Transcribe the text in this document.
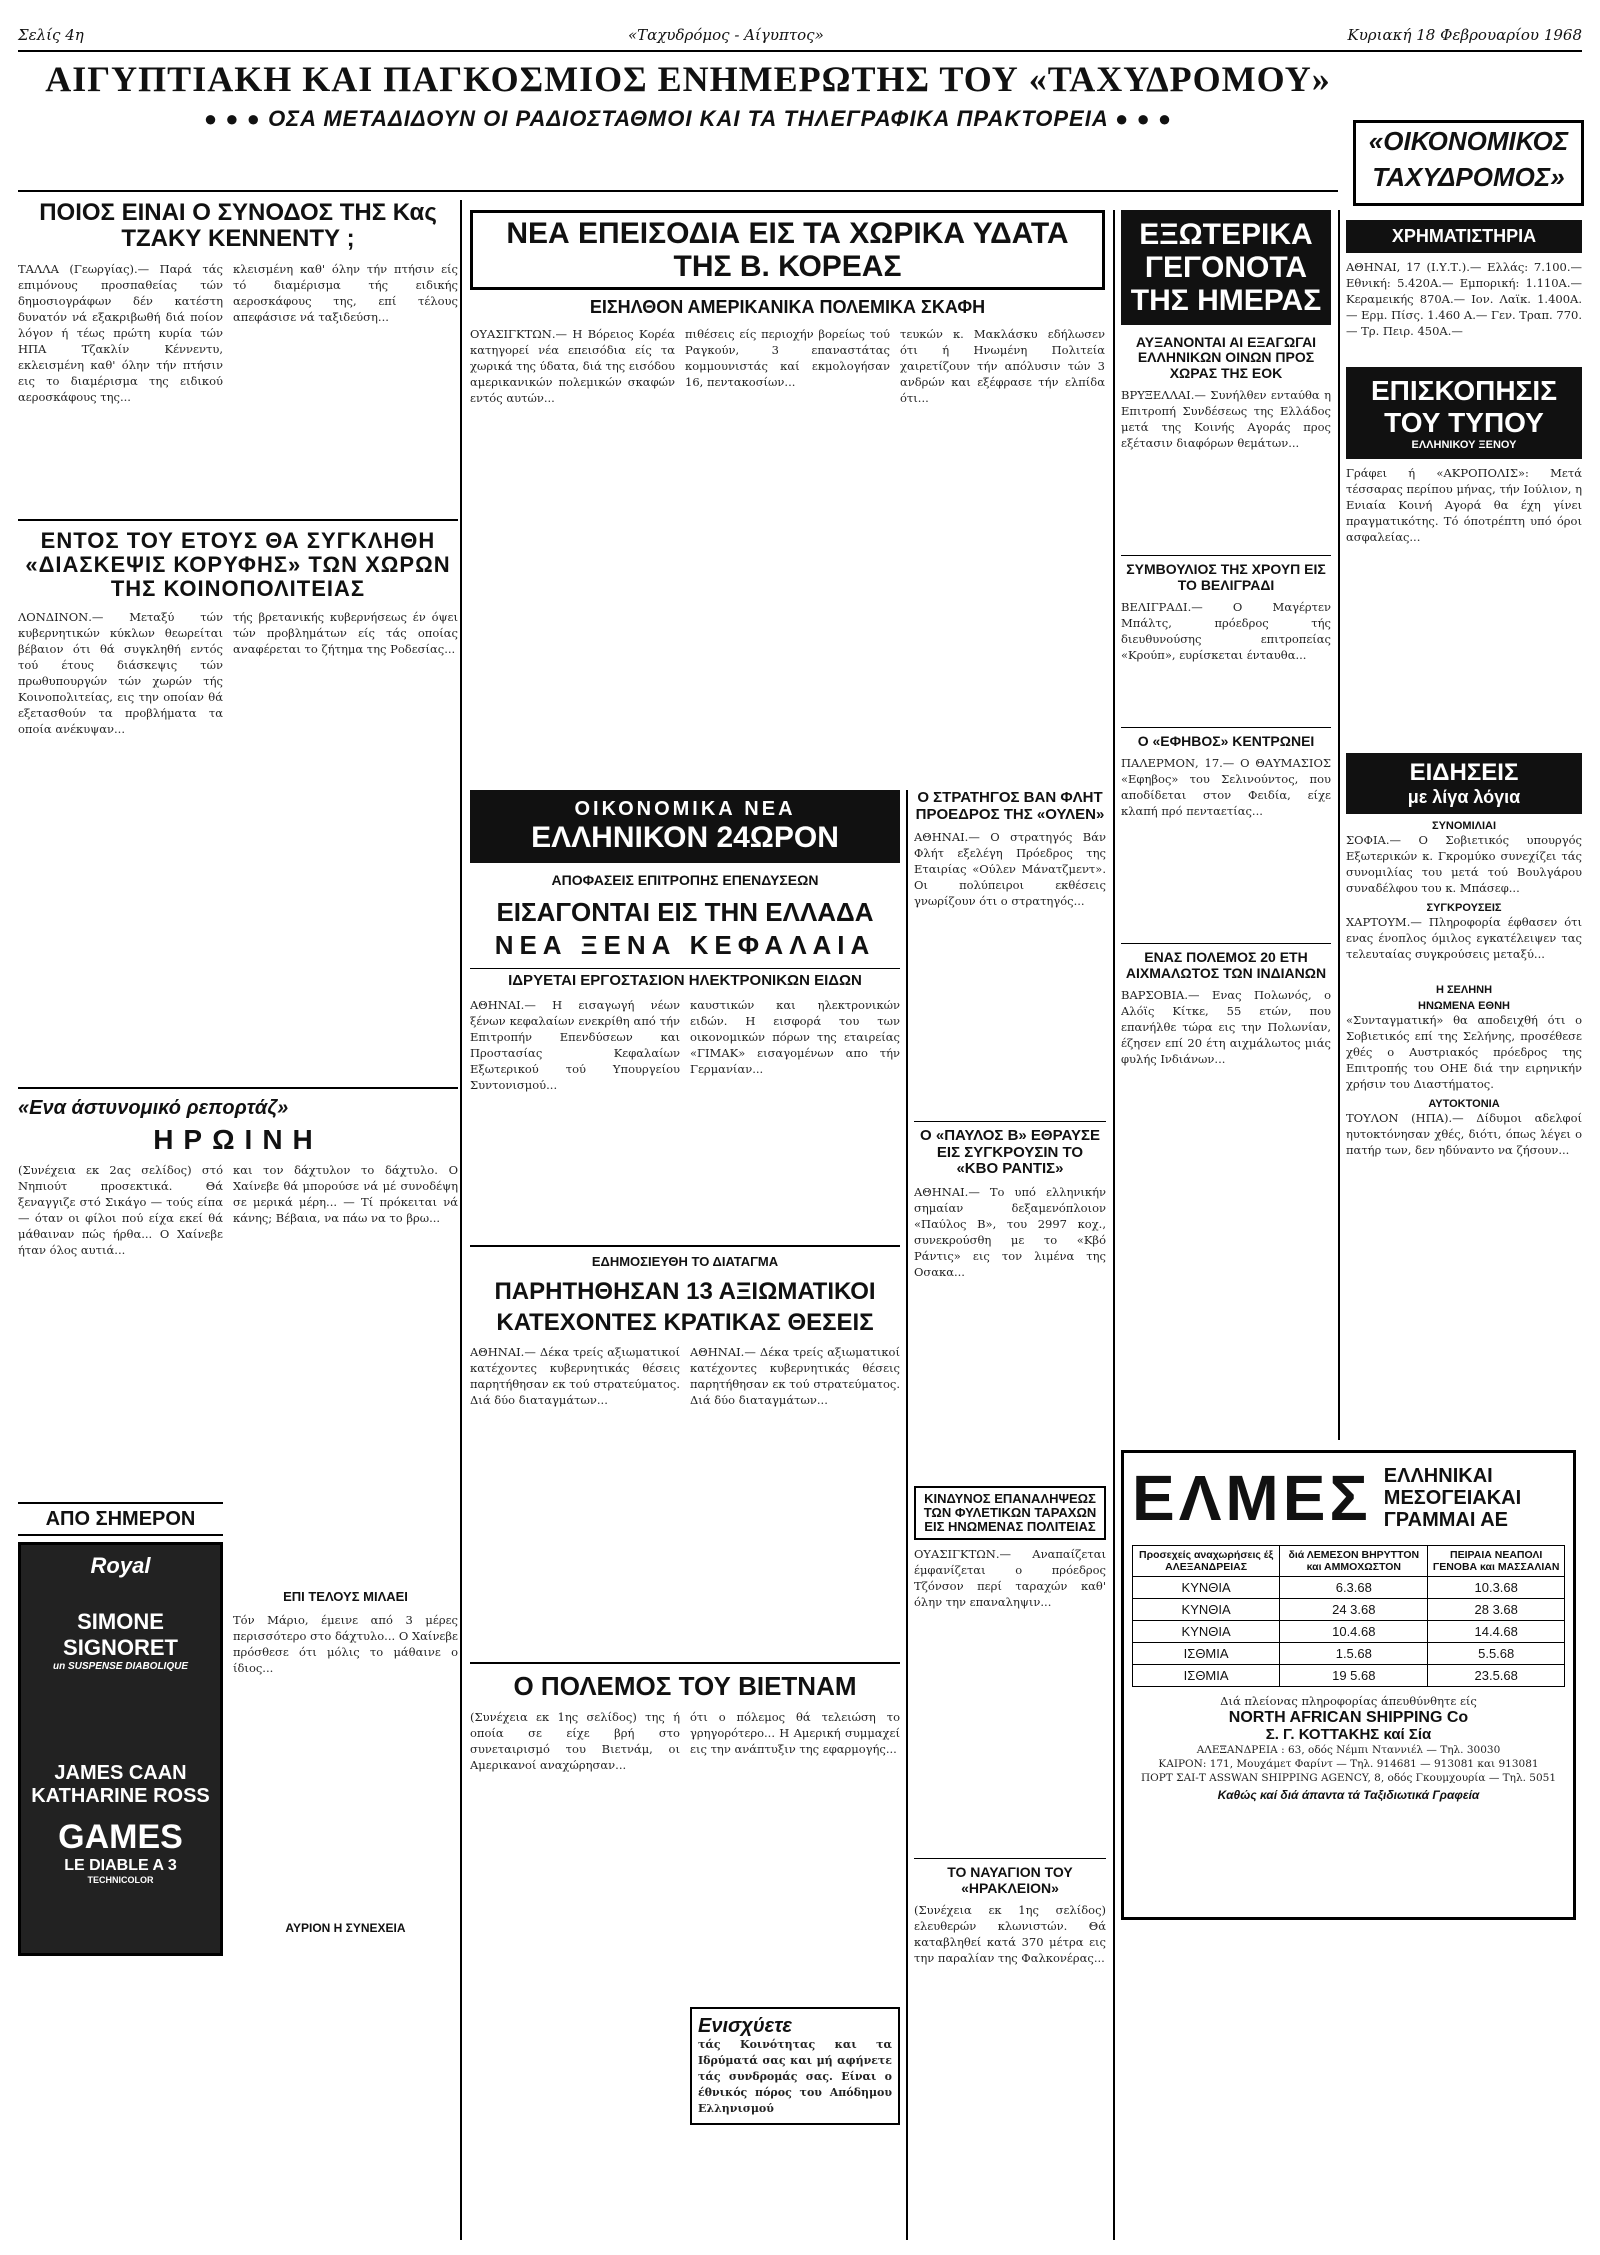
Σελίς 4η	«Ταχυδρόμος - Αίγυπτος»	Κυριακή 18 Φεβρουαρίου 1968
ΑΙΓΥΠΤΙΑΚΗ ΚΑΙ ΠΑΓΚΟΣΜΙΟΣ ΕΝΗΜΕΡΩΤΗΣ ΤΟΥ «ΤΑΧΥΔΡΟΜΟΥ»
● ● ● ΟΣΑ ΜΕΤΑΔΙΔΟΥΝ ΟΙ ΡΑΔΙΟΣΤΑΘΜΟΙ ΚΑΙ ΤΑ ΤΗΛΕΓΡΑΦΙΚΑ ΠΡΑΚΤΟΡΕΙΑ ● ● ●
«ΟΙΚΟΝΟΜΙΚΟΣ ΤΑΧΥΔΡΟΜΟΣ»
ΠΟΙΟΣ ΕΙΝΑΙ Ο ΣΥΝΟΔΟΣ ΤΗΣ Κας ΤΖΑΚΥ ΚΕΝΝΕΝΤΥ ;
ΤΑΛΛΑ (Γεωργίας).— Παρά τάς επιμόνους προσπαθείας τών δημοσιογράφων δέν κατέστη δυνατόν νά εξακριβωθή διά ποίον λόγον ή τέως πρώτη κυρία τών ΗΠΑ Τζακλίν Κέννεντυ, εκλεισμένη καθ' όλην τήν πτήσιν εις το διαμέρισμα της ειδικού αεροσκάφους της...
κλεισμένη καθ' όλην τήν πτήσιν είς τό διαμέρισμα τής ειδικής αεροσκάφους της, επί τέλους απεφάσισε νά ταξιδεύση...
ΕΝΤΟΣ ΤΟΥ ΕΤΟΥΣ ΘΑ ΣΥΓΚΛΗΘΗ «ΔΙΑΣΚΕΨΙΣ ΚΟΡΥΦΗΣ» ΤΩΝ ΧΩΡΩΝ ΤΗΣ ΚΟΙΝΟΠΟΛΙΤΕΙΑΣ
ΛΟΝΔΙΝΟΝ.— Μεταξύ τών κυβερνητικών κύκλων θεωρείται βέβαιον ότι θά συγκληθή εντός τού έτους διάσκεψις τών πρωθυπουργών τών χωρών τής Κοινοπολιτείας, εις την οποίαν θά εξετασθούν τα προβλήματα τα οποία ανέκυψαν...
τής βρετανικής κυβερνήσεως έν όψει τών προβλημάτων είς τάς οποίας αναφέρεται το ζήτημα της Ροδεσίας...
«Ενα άστυνομικό ρεπορτάζ»
ΗΡΩΙΝΗ
(Συνέχεια εκ 2ας σελίδος) στό Νηπιούτ προσεκτικά. Θά ξεναγγιζε στό Σικάγο — τούς είπα — όταν οι φίλοι πού είχα εκεί θά μάθαιναν πώς ήρθα... Ο Χαίνεβε ήταν όλος αυτιά...
ΑΠΟ ΣΗΜΕΡΟΝ
Royal
SIMONE SIGNORET
un SUSPENSE DIABOLIQUE
JAMES CAAN
KATHARINE ROSS
GAMES
LE DIABLE A 3
TECHNICOLOR
και τον δάχτυλον το δάχτυλο. Ο Χαίνεβε θά μπορούσε νά μέ συνοδέψη σε μερικά μέρη... — Τί πρόκειται νά κάνης; Βέβαια, να πάω να το βρω...
ΕΠΙ ΤΕΛΟΥΣ ΜΙΛΑΕΙ
Τόν Μάριο, έμεινε από 3 μέρες περισσότερο στο δάχτυλο... Ο Χαίνεβε πρόσθεσε ότι μόλις το μάθαινε ο ίδιος...
ΑΥΡΙΟΝ Η ΣΥΝΕΧΕΙΑ
ΝΕΑ ΕΠΕΙΣΟΔΙΑ ΕΙΣ ΤΑ ΧΩΡΙΚΑ ΥΔΑΤΑ ΤΗΣ Β. ΚΟΡΕΑΣ
ΕΙΣΗΛΘΟΝ ΑΜΕΡΙΚΑΝΙΚΑ ΠΟΛΕΜΙΚΑ ΣΚΑΦΗ
ΟΥΑΣΙΓΚΤΩΝ.— Η Βόρειος Κορέα κατηγορεί νέα επεισόδια είς τα χωρικά της ύδατα, διά της εισόδου αμερικανικών πολεμικών σκαφών εντός αυτών...
πιθέσεις είς περιοχήν βορείως τού Ραγκούν, 3 επαναστάτας κομμουνιστάς καί εκμολογήσαν 16, πεντακοσίων...
τευκών κ. Μακλάσκυ εδήλωσεν ότι ή Ηνωμένη Πολιτεία χαιρετίζουν τήν απόλυσιν τών 3 ανδρών και εξέφρασε τήν ελπίδα ότι...
ΟΙΚΟΝΟΜΙΚΑ ΝΕΑ
ΕΛΛΗΝΙΚΟΝ 24ΩΡΟΝ
ΑΠΟΦΑΣΕΙΣ ΕΠΙΤΡΟΠΗΣ ΕΠΕΝΔΥΣΕΩΝ
ΕΙΣΑΓΟΝΤΑΙ ΕΙΣ ΤΗΝ ΕΛΛΑΔΑ
ΝΕΑ ΞΕΝΑ ΚΕΦΑΛΑΙΑ
ΙΔΡΥΕΤΑΙ ΕΡΓΟΣΤΑΣΙΟΝ ΗΛΕΚΤΡΟΝΙΚΩΝ ΕΙΔΩΝ
ΑΘΗΝΑΙ.— Η εισαγωγή νέων ξένων κεφαλαίων ενεκρίθη από τήν Επιτροπήν Επενδύσεων και Προστασίας Κεφαλαίων Εξωτερικού τού Υπουργείου Συντονισμού...
καυστικών και ηλεκτρονικών ειδών. Η εισφορά του των οικονομικών πόρων της εταιρείας «ΓΙΜΑΚ» εισαγομένων απο τήν Γερμανίαν...
ΕΔΗΜΟΣΙΕΥΘΗ ΤΟ ΔΙΑΤΑΓΜΑ
ΠΑΡΗΤΗΘΗΣΑΝ 13 ΑΞΙΩΜΑΤΙΚΟΙ
ΚΑΤΕΧΟΝΤΕΣ ΚΡΑΤΙΚΑΣ ΘΕΣΕΙΣ
ΑΘΗΝΑΙ.— Δέκα τρείς αξιωματικοί κατέχοντες κυβερνητικάς θέσεις παρητήθησαν εκ τού στρατεύματος. Διά δύο διαταγμάτων...
ΑΘΗΝΑΙ.— Δέκα τρείς αξιωματικοί κατέχοντες κυβερνητικάς θέσεις παρητήθησαν εκ τού στρατεύματος. Διά δύο διαταγμάτων...
Ο ΠΟΛΕΜΟΣ ΤΟΥ ΒΙΕΤΝΑΜ
(Συνέχεια εκ 1ης σελίδος) της ή οποία σε είχε βρή στο συνεταιρισμό του Βιετνάμ, οι Αμερικανοί αναχώρησαν...
ότι ο πόλεμος θά τελειώση το γρηγορότερο... Η Αμερική συμμαχεί εις την ανάπτυξιν της εφαρμογής...
Ενισχύετε
τάς Κοινότητας και τα Ιδρύματά σας και μή αφήνετε τάς συνδρομάς σας. Είναι ο έθνικός πόρος του Απόδημου Ελληνισμού
Ο ΣΤΡΑΤΗΓΟΣ ΒΑΝ ΦΛΗΤ ΠΡΟΕΔΡΟΣ ΤΗΣ «ΟΥΛΕΝ»
ΑΘΗΝΑΙ.— Ο στρατηγός Βάν Φλήτ εξελέγη Πρόεδρος της Εταιρίας «Ούλεν Μάνατζμεντ». Οι πολύπειροι εκθέσεις γνωρίζουν ότι ο στρατηγός...
Ο «ΠΑΥΛΟΣ Β» ΕΘΡΑΥΣΕ ΕΙΣ ΣΥΓΚΡΟΥΣΙΝ ΤΟ «ΚΒΟ ΡΑΝΤΙΣ»
ΑΘΗΝΑΙ.— Το υπό ελληνικήν σημαίαν δεξαμενόπλοιον «Παύλος Β», του 2997 κοχ., συνεκρούσθη με το «Κβό Ράντις» εις τον λιμένα της Οσακα...
ΚΙΝΔΥΝΟΣ ΕΠΑΝΑΛΗΨΕΩΣ ΤΩΝ ΦΥΛΕΤΙΚΩΝ ΤΑΡΑΧΩΝ ΕΙΣ ΗΝΩΜΕΝΑΣ ΠΟΛΙΤΕΙΑΣ
ΟΥΑΣΙΓΚΤΩΝ.— Αναπαίζεται έμφανίζεται ο πρόεδρος Τζόνσον περί ταραχών καθ' όλην την επαναληψιν...
ΤΟ ΝΑΥΑΓΙΟΝ ΤΟΥ «ΗΡΑΚΛΕΙΟΝ»
(Συνέχεια εκ 1ης σελίδος) ελευθερών κλωνιστών. Θά καταβληθεί κατά 370 μέτρα εις την παραλίαν της Φαλκονέρας...
ΕΞΩΤΕΡΙΚΑ ΓΕΓΟΝΟΤΑ ΤΗΣ ΗΜΕΡΑΣ
ΑΥΞΑΝΟΝΤΑΙ ΑΙ ΕΞΑΓΩΓΑΙ ΕΛΛΗΝΙΚΩΝ ΟΙΝΩΝ ΠΡΟΣ ΧΩΡΑΣ ΤΗΣ ΕΟΚ
ΒΡΥΞΕΛΛΑΙ.— Συνήλθεν ενταύθα η Επιτροπή Συνδέσεως της Ελλάδος μετά της Κοινής Αγοράς προς εξέτασιν διαφόρων θεμάτων...
ΣΥΜΒΟΥΛΙΟΣ ΤΗΣ ΧΡΟΥΠ ΕΙΣ ΤΟ ΒΕΛΙΓΡΑΔΙ
ΒΕΛΙΓΡΑΔΙ.— Ο Μαγέρτεν Μπάλτς, πρόεδρος τής διευθυνούσης επιτροπείας «Κρούπ», ευρίσκεται ένταυθα...
Ο «ΕΦΗΒΟΣ» ΚΕΝΤΡΩΝΕΙ
ΠΑΛΕΡΜΟΝ, 17.— Ο ΘΑΥΜΑΣΙΟΣ «Εφηβος» του Σελινούντος, που αποδίδεται στον Φειδία, είχε κλαπή πρό πενταετίας...
ΕΝΑΣ ΠΟΛΕΜΟΣ 20 ΕΤΗ ΑΙΧΜΑΛΩΤΟΣ ΤΩΝ ΙΝΔΙΑΝΩΝ
ΒΑΡΣΟΒΙΑ.— Ενας Πολωνός, ο Αλόϊς Κίτκε, 55 ετών, που επανήλθε τώρα εις την Πολωνίαν, έζησεν επί 20 έτη αιχμάλωτος μιάς φυλής Ινδιάνων...
ΧΡΗΜΑΤΙΣΤΗΡΙΑ
ΑΘΗΝΑΙ, 17 (Ι.Υ.Τ.).— Ελλάς: 7.100.— Εθνική: 5.420Α.— Εμπορική: 1.110Α.— Κεραμεικής 870Α.— Ιον. Λαϊκ. 1.400Α.— Ερμ. Πίσς. 1.460 Α.— Γεν. Τραπ. 770.— Τρ. Πειρ. 450Α.—
ΕΠΙΣΚΟΠΗΣΙΣ ΤΟΥ ΤΥΠΟΥ
ΕΛΛΗΝΙΚΟΥ ΞΕΝΟΥ
Γράφει ή «ΑΚΡΟΠΟΛΙΣ»: Μετά τέσσαρας περίπου μήνας, τήν Ιούλιον, η Ενιαία Κοινή Αγορά θα έχη γίνει πραγματικότης. Τό όποτρέπτη υπό όροι ασφαλείας...
ΕΙΔΗΣΕΙΣ
με λίγα λόγια
ΣΥΝΟΜΙΛΙΑΙ
ΣΟΦΙΑ.— Ο Σοβιετικός υπουργός Εξωτερικών κ. Γκρομύκο συνεχίζει τάς συνομιλίας του μετά τού Βουλγάρου συναδέλφου του κ. Μπάσεφ...
ΣΥΓΚΡΟΥΣΕΙΣ
ΧΑΡΤΟΥΜ.— Πληροφορία έφθασεν ότι ενας ένοπλος όμιλος εγκατέλειψεν τας τελευταίας συγκρούσεις μεταξύ...
Η ΣΕΛΗΝΗ
ΗΝΩΜΕΝΑ ΕΘΝΗ
«Συνταγματική» θα αποδειχθή ότι ο Σοβιετικός επί της Σελήνης, προσέθεσε χθές ο Αυστριακός πρόεδρος της Επιτροπής του ΟΗΕ διά την ειρηνικήν χρήσιν του Διαστήματος.
ΑΥΤΟΚΤΟΝΙΑ
ΤΟΥΛΟΝ (ΗΠΑ).— Δίδυμοι αδελφοί ηυτοκτόνησαν χθές, διότι, όπως λέγει ο πατήρ των, δεν ηδύναντο να ζήσουν...
ΕΛΜΕΣ ΕΛΛΗΝΙΚΑΙ ΜΕΣΟΓΕΙΑΚΑΙ ΓΡΑΜΜΑΙ ΑΕ
Προσεχείς αναχωρήσεις έξ ΑΛΕΞΑΝΔΡΕΙΑΣ	διά ΛΕΜΕΣΟΝ ΒΗΡΥΤΤΟΝ και ΑΜΜΟΧΩΣΤΟΝ	ΠΕΙΡΑΙΑ ΝΕΑΠΟΛΙ ΓΕΝΟΒΑ και ΜΑΣΣΑΛΙΑΝ
ΚΥΝΘΙΑ	6.3.68	10.3.68
ΚΥΝΘΙΑ	24 3.68	28 3.68
ΚΥΝΘΙΑ	10.4.68	14.4.68
ΙΣΘΜΙΑ	1.5.68	5.5.68
ΙΣΘΜΙΑ	19 5.68	23.5.68
Διά πλείονας πληροφορίας άπευθύνθητε είς
NORTH AFRICAN SHIPPING Co
Σ. Γ. ΚΟΤΤΑΚΗΣ καί Σία
ΑΛΕΞΑΝΔΡΕΙΑ : 63, οδός Νέμπι Νταννιέλ — Τηλ. 30030
ΚΑΙΡΟΝ: 171, Μουχάμετ Φαρίντ — Τηλ. 914681 — 913081 και 913081
ΠΟΡΤ ΣΑΙ-Τ ASSWAN SHIPPING AGENCY, 8, οδός Γκουμχουρία — Τηλ. 5051
Καθώς καί διά άπαντα τά Ταξιδιωτικά Γραφεία
